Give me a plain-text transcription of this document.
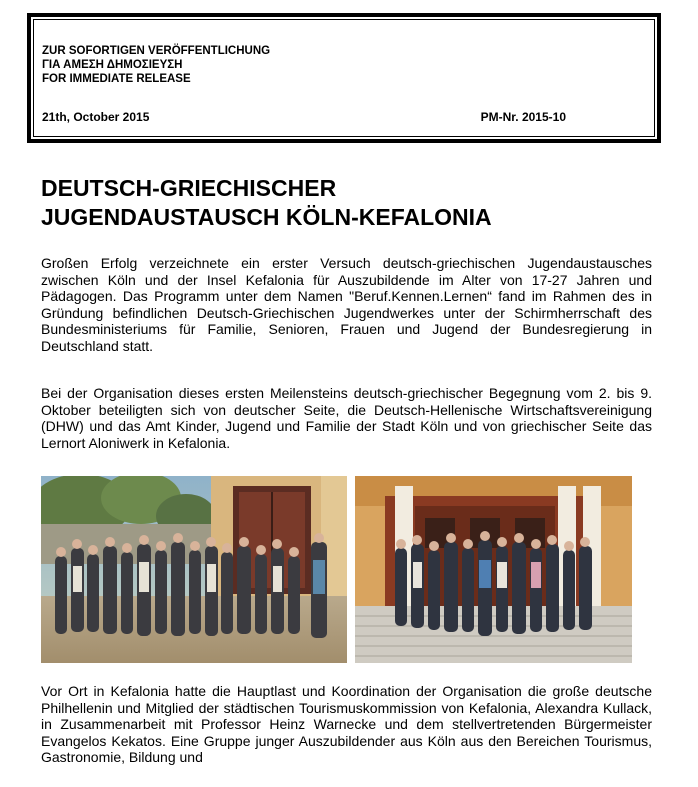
ZUR SOFORTIGEN VERÖFFENTLICHUNG
ΓΙΑ ΑΜΕΣΗ ΔΗΜΟΣΙΕΥΣΗ
FOR IMMEDIATE RELEASE
21th, October 2015	PM-Nr. 2015-10
DEUTSCH-GRIECHISCHER
JUGENDAUSTAUSCH KÖLN-KEFALONIA
Großen Erfolg verzeichnete ein erster Versuch deutsch-griechischen Jugendaustausches zwischen Köln und der Insel Kefalonia für Auszubildende im Alter von 17-27 Jahren und Pädagogen. Das Programm unter dem Namen "Beruf.Kennen.Lernen“ fand im Rahmen des in Gründung befindlichen Deutsch-Griechischen Jugendwerkes unter der Schirmherrschaft des Bundesministeriums für Familie, Senioren, Frauen und Jugend der Bundesregierung in Deutschland statt.
Bei der Organisation dieses ersten Meilensteins deutsch-griechischer Begegnung vom 2. bis 9. Oktober beteiligten sich von deutscher Seite, die Deutsch-Hellenische Wirtschaftsvereinigung (DHW) und das Amt Kinder, Jugend und Familie der Stadt Köln und von griechischer Seite das Lernort Aloniwerk in Kefalonia.
Vor Ort in Kefalonia hatte die Hauptlast und Koordination der Organisation die große deutsche Philhellenin und Mitglied der städtischen Tourismuskommission von Kefalonia, Alexandra Kullack, in Zusammenarbeit mit Professor Heinz Warnecke und dem stellvertretenden Bürgermeister Evangelos Kekatos. Eine Gruppe junger Auszubildender aus Köln aus den Bereichen Tourismus, Gastronomie, Bildung und
